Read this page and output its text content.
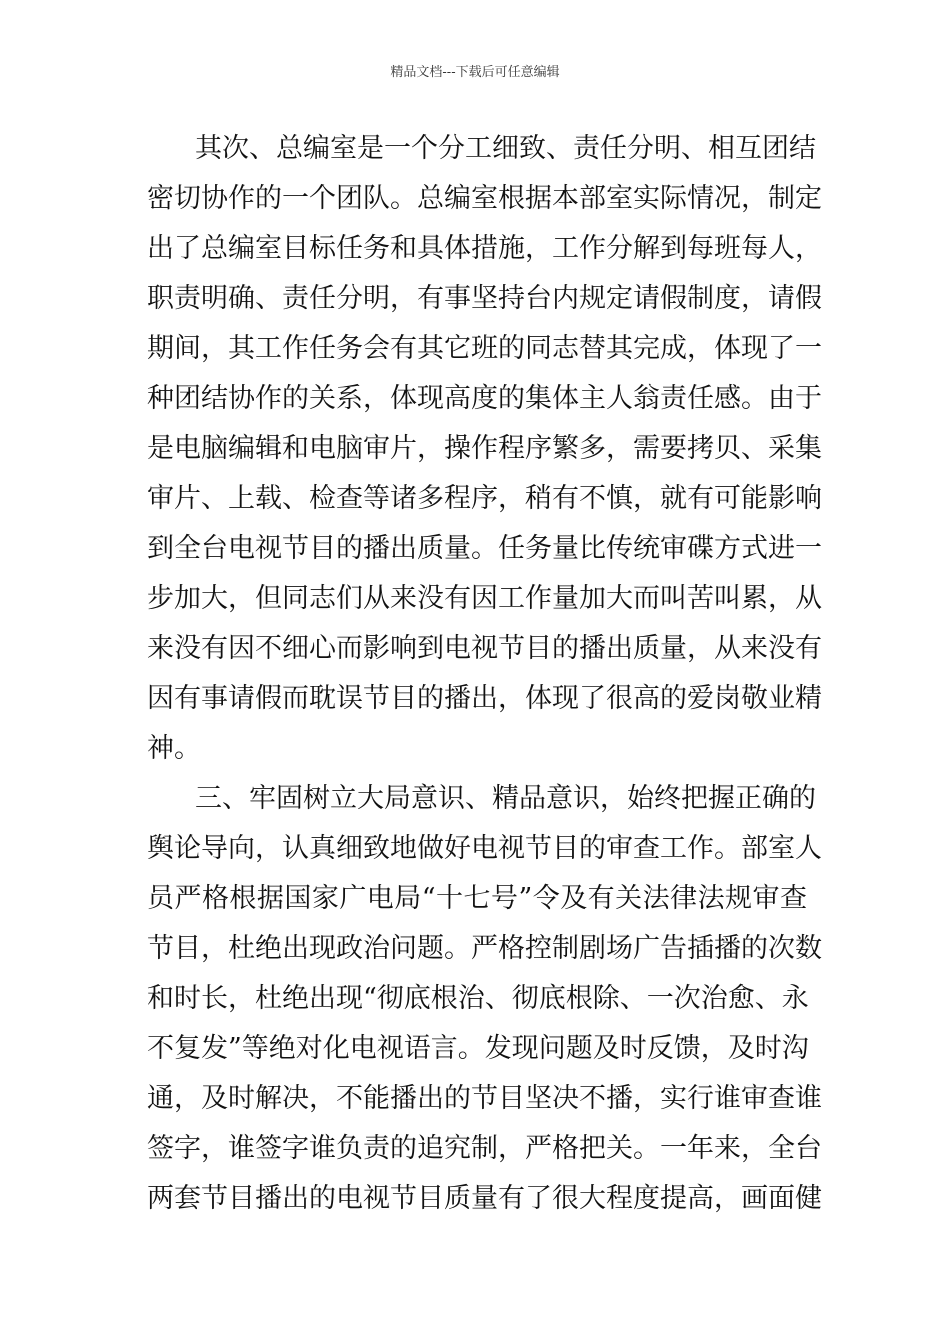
精品文档---下载后可任意编辑
其次、总编室是一个分工细致、责任分明、相互团结
密切协作的一个团队。总编室根据本部室实际情况，制定
出了总编室目标任务和具体措施，工作分解到每班每人，
职责明确、责任分明，有事坚持台内规定请假制度，请假
期间，其工作任务会有其它班的同志替其完成，体现了一
种团结协作的关系，体现高度的集体主人翁责任感。由于
是电脑编辑和电脑审片，操作程序繁多，需要拷贝、采集
审片、上载、检查等诸多程序，稍有不慎，就有可能影响
到全台电视节目的播出质量。任务量比传统审碟方式进一
步加大，但同志们从来没有因工作量加大而叫苦叫累，从
来没有因不细心而影响到电视节目的播出质量，从来没有
因有事请假而耽误节目的播出，体现了很高的爱岗敬业精
神。
三、牢固树立大局意识、精品意识，始终把握正确的
舆论导向，认真细致地做好电视节目的审查工作。部室人
员严格根据国家广电局“十七号”令及有关法律法规审查
节目，杜绝出现政治问题。严格控制剧场广告插播的次数
和时长，杜绝出现“彻底根治、彻底根除、一次治愈、永
不复发”等绝对化电视语言。发现问题及时反馈，及时沟
通，及时解决，不能播出的节目坚决不播，实行谁审查谁
签字，谁签字谁负责的追究制，严格把关。一年来，全台
两套节目播出的电视节目质量有了很大程度提高，画面健
